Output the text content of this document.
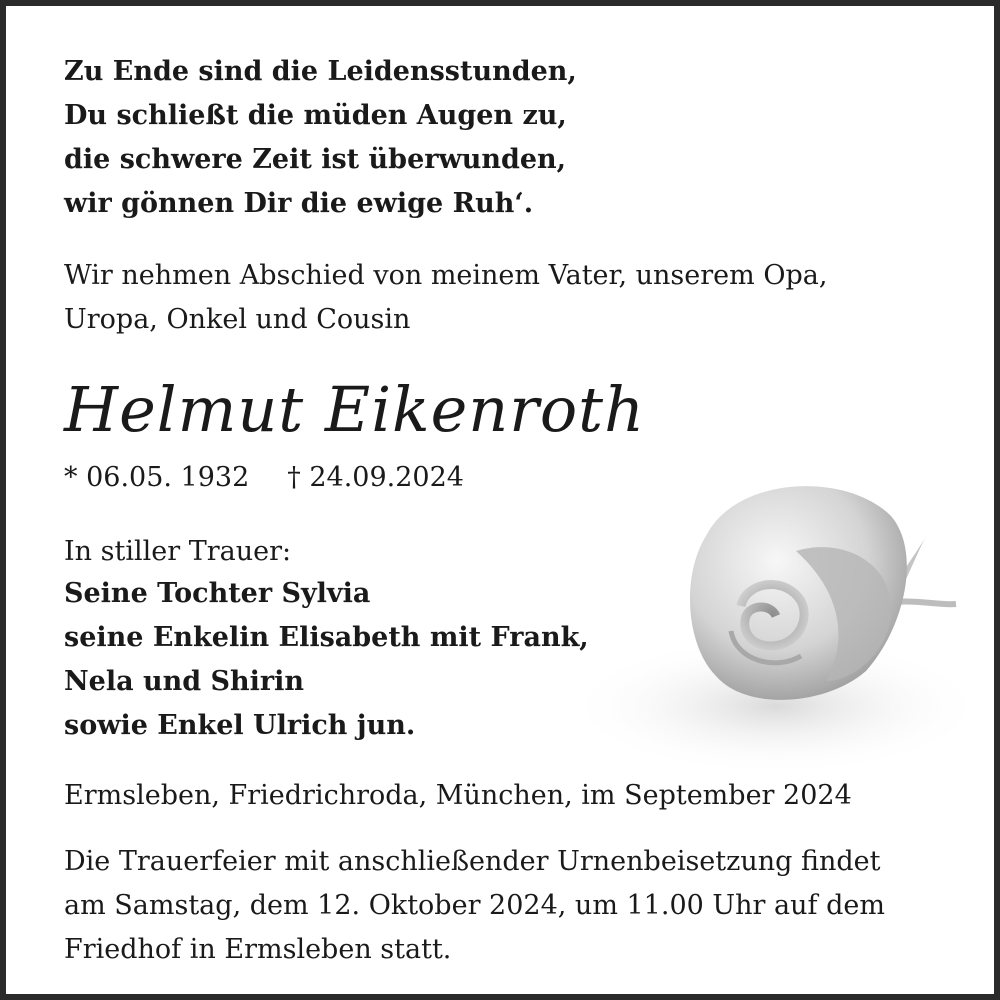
Zu Ende sind die Leidensstunden,
Du schließt die müden Augen zu,
die schwere Zeit ist überwunden,
wir gönnen Dir die ewige Ruh‘.

Wir nehmen Abschied von meinem Vater, unserem Opa,
Uropa, Onkel und Cousin

Helmut Eikenroth

* 06.05. 1932 † 24.09.2024

In stiller Trauer:

Seine Tochter Sylvia
seine Enkelin Elisabeth mit Frank,
Nela und Shirin
sowie Enkel Ulrich jun.

Ermsleben, Friedrichroda, München, im September 2024

Die Trauerfeier mit anschließender Urnenbeisetzung findet
am Samstag, dem 12. Oktober 2024, um 11.00 Uhr auf dem
Friedhof in Ermsleben statt.
